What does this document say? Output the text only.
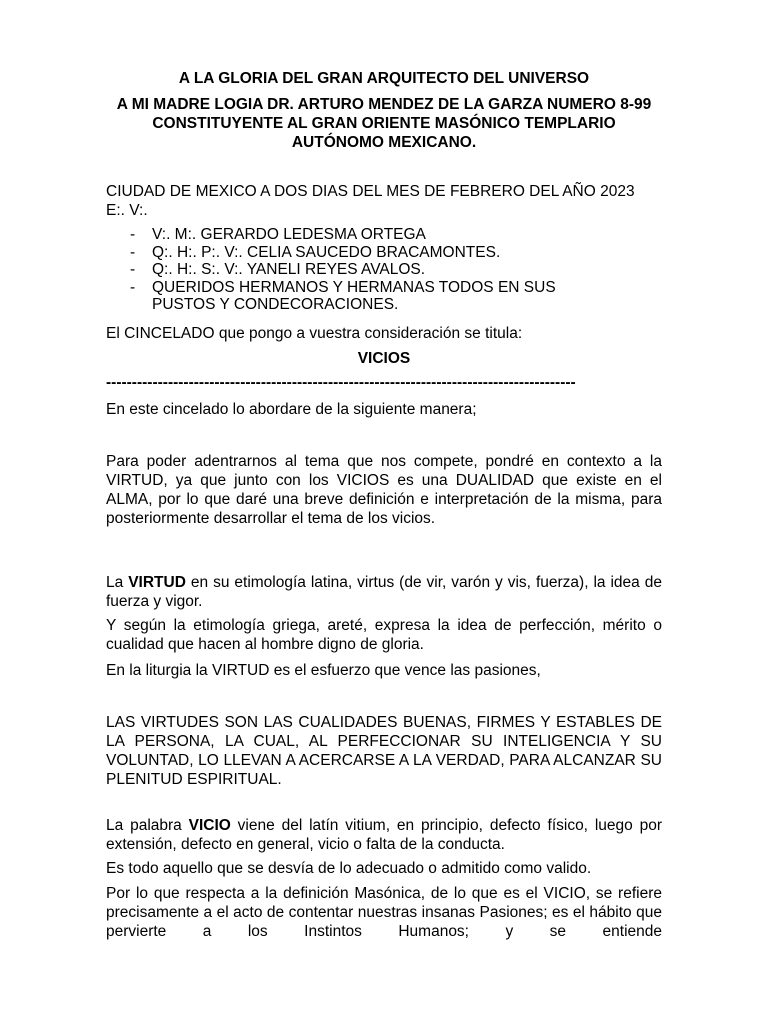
A LA GLORIA DEL GRAN ARQUITECTO DEL UNIVERSO
A MI MADRE LOGIA DR. ARTURO MENDEZ DE LA GARZA NUMERO 8-99 CONSTITUYENTE AL GRAN ORIENTE MASÓNICO TEMPLARIO AUTÓNOMO MEXICANO.

CIUDAD DE MEXICO A DOS DIAS DEL MES DE FEBRERO DEL AÑO 2023 E:. V:.

- V:. M:. GERARDO LEDESMA ORTEGA
- Q:. H:. P:. V:. CELIA SAUCEDO BRACAMONTES.
- Q:. H:. S:. V:. YANELI REYES AVALOS.
- QUERIDOS HERMANOS Y HERMANAS TODOS EN SUS PUSTOS Y CONDECORACIONES.

El CINCELADO que pongo a vuestra consideración se titula:

VICIOS
-------------------------------------------------------------------------------------------

En este cincelado lo abordare de la siguiente manera;

Para poder adentrarnos al tema que nos compete, pondré en contexto a la VIRTUD, ya que junto con los VICIOS es una DUALIDAD que existe en el ALMA, por lo que daré una breve definición e interpretación de la misma, para posteriormente desarrollar el tema de los vicios.

La VIRTUD en su etimología latina, virtus (de vir, varón y vis, fuerza), la idea de fuerza y vigor.

Y según la etimología griega, areté, expresa la idea de perfección, mérito o cualidad que hacen al hombre digno de gloria.

En la liturgia la VIRTUD es el esfuerzo que vence las pasiones,

LAS VIRTUDES SON LAS CUALIDADES BUENAS, FIRMES Y ESTABLES DE LA PERSONA, LA CUAL, AL PERFECCIONAR SU INTELIGENCIA Y SU VOLUNTAD, LO LLEVAN A ACERCARSE A LA VERDAD, PARA ALCANZAR SU PLENITUD ESPIRITUAL.

La palabra VICIO viene del latín vitium, en principio, defecto físico, luego por extensión, defecto en general, vicio o falta de la conducta.

Es todo aquello que se desvía de lo adecuado o admitido como valido.

Por lo que respecta a la definición Masónica, de lo que es el VICIO, se refiere precisamente a el acto de contentar nuestras insanas Pasiones; es el hábito que pervierte a los Instintos Humanos; y se entiende
